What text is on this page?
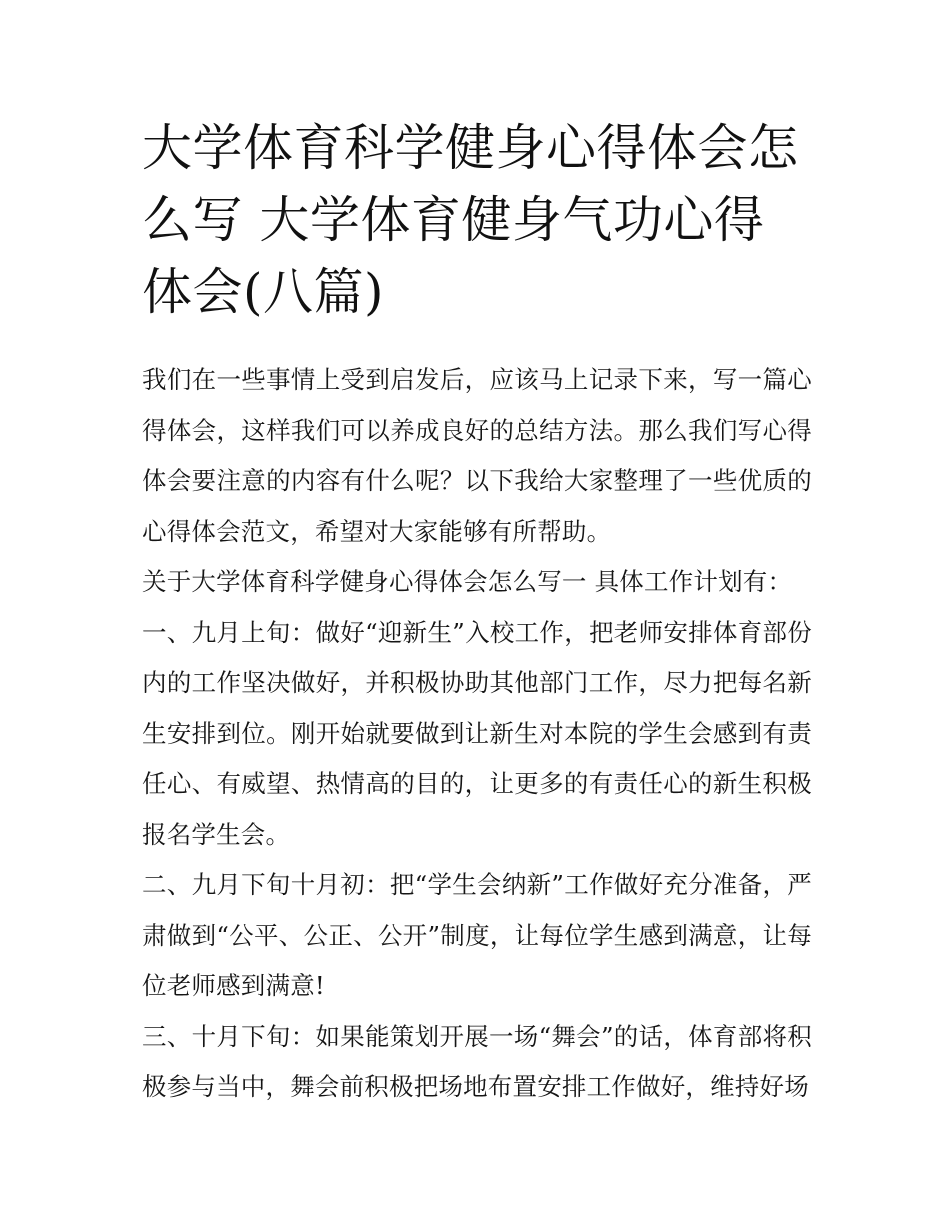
大学体育科学健身心得体会怎么写 大学体育健身气功心得体会(八篇)

我们在一些事情上受到启发后，应该马上记录下来，写一篇心得体会，这样我们可以养成良好的总结方法。那么我们写心得体会要注意的内容有什么呢？以下我给大家整理了一些优质的心得体会范文，希望对大家能够有所帮助。

关于大学体育科学健身心得体会怎么写一 具体工作计划有：

一、九月上旬：做好“迎新生”入校工作，把老师安排体育部份内的工作坚决做好，并积极协助其他部门工作，尽力把每名新生安排到位。刚开始就要做到让新生对本院的学生会感到有责任心、有威望、热情高的目的，让更多的有责任心的新生积极报名学生会。

二、九月下旬十月初：把“学生会纳新”工作做好充分准备，严肃做到“公平、公正、公开”制度，让每位学生感到满意，让每位老师感到满意!

三、十月下旬：如果能策划开展一场“舞会”的话，体育部将积极参与当中，舞会前积极把场地布置安排工作做好，维持好场
